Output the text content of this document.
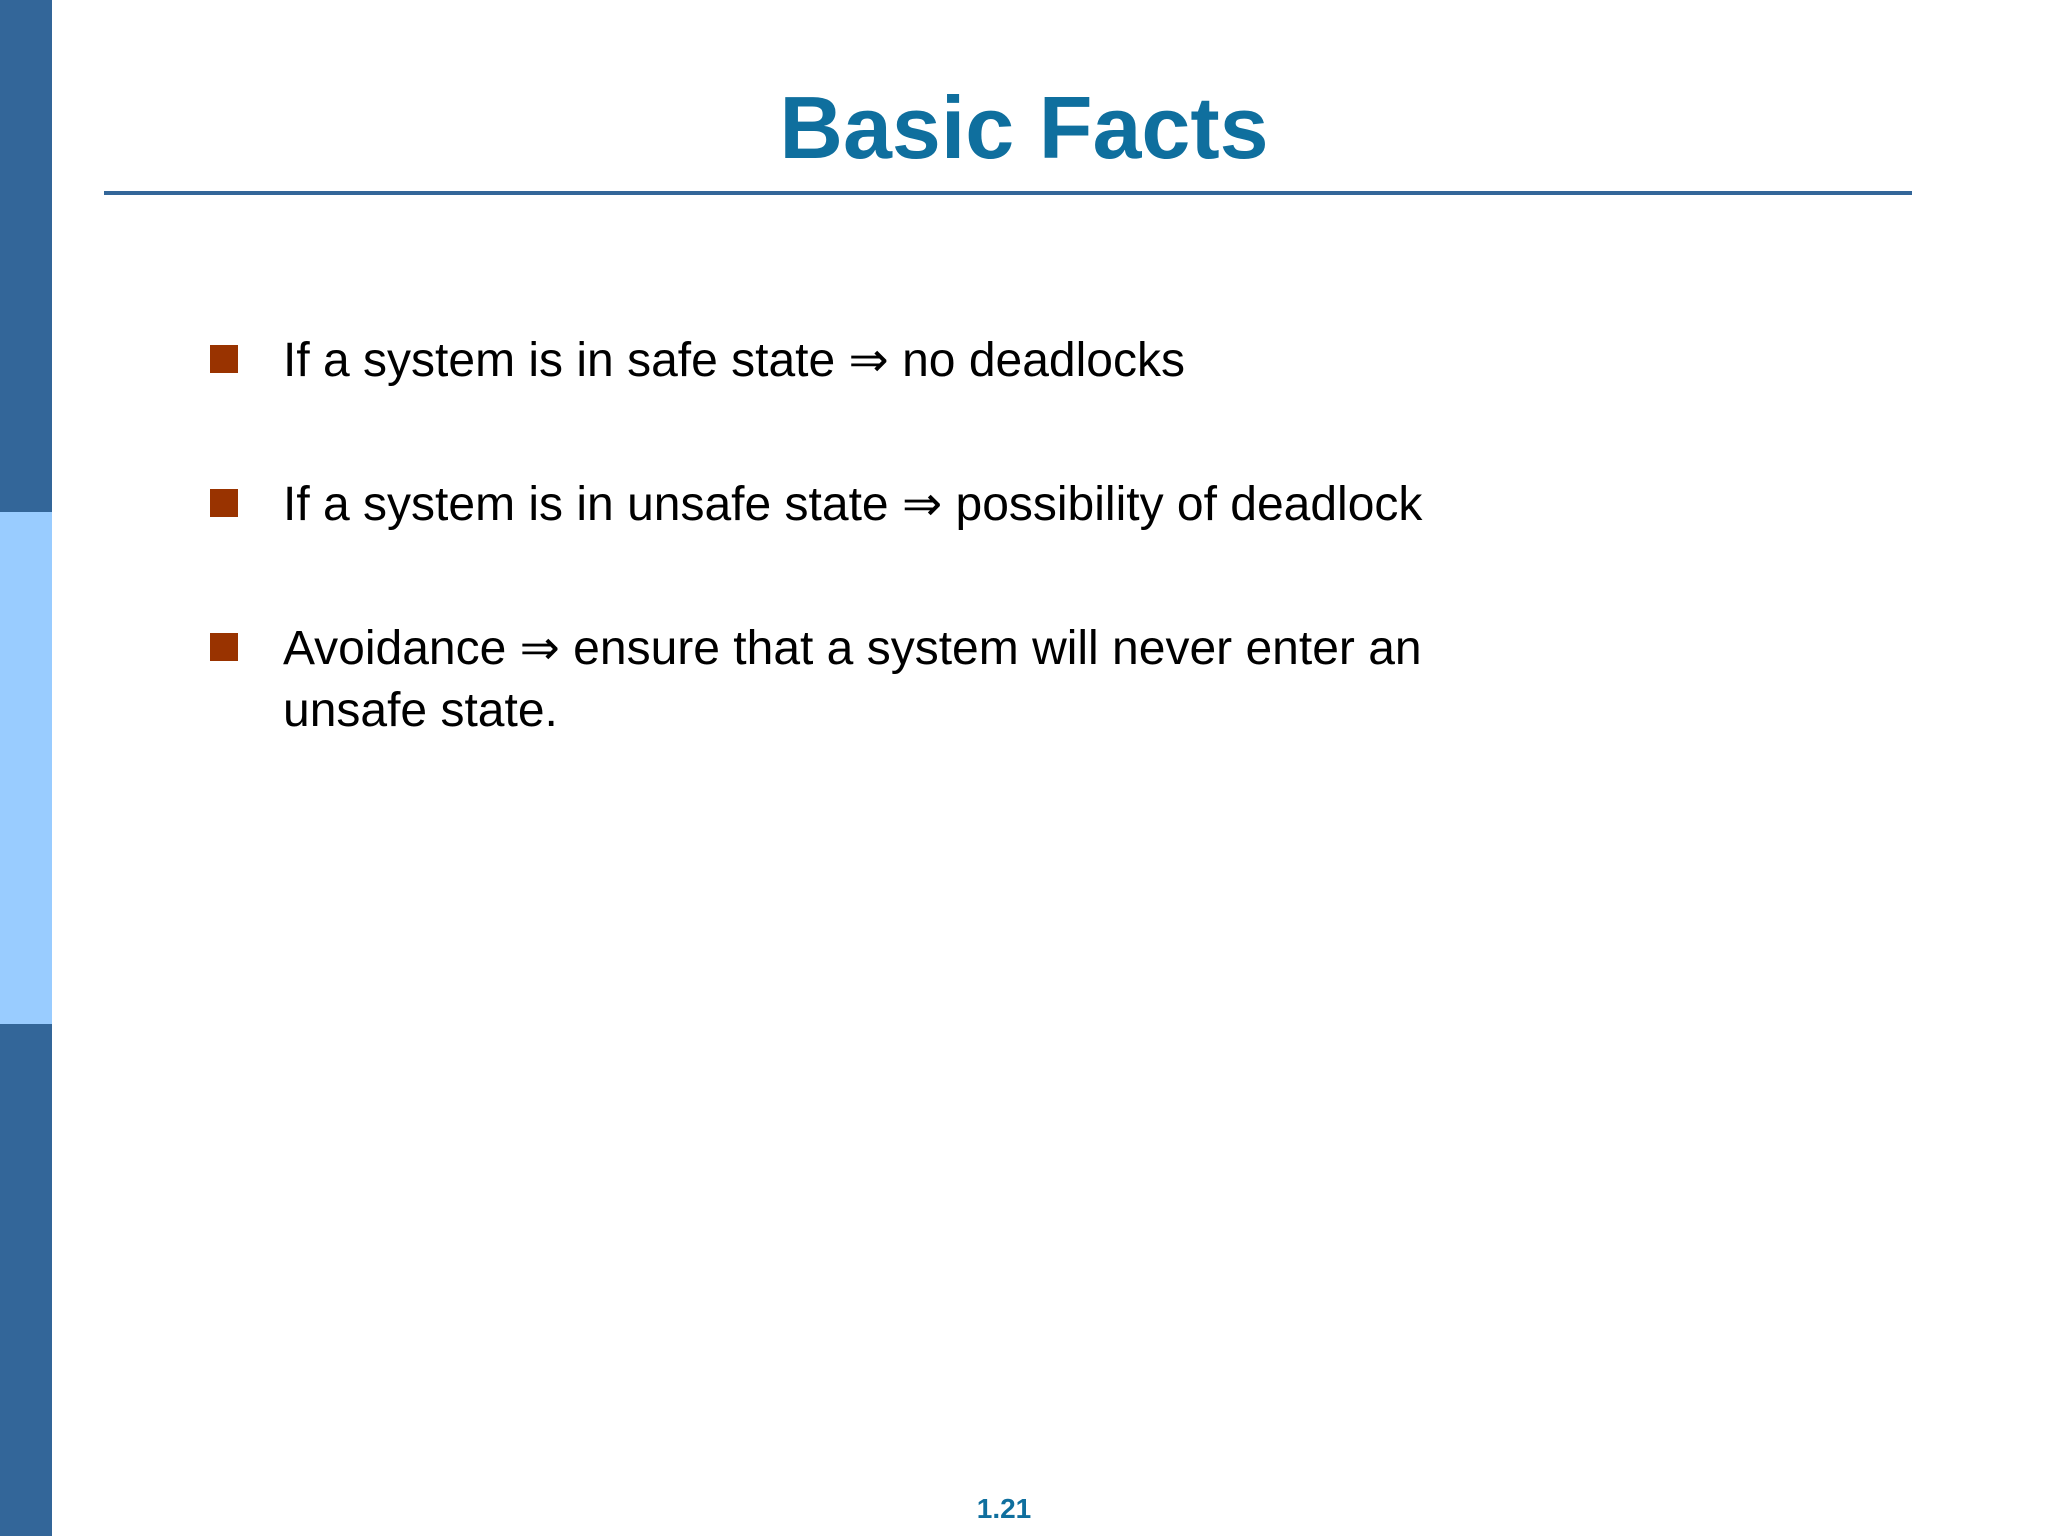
Basic Facts
If a system is in safe state ⇒ no deadlocks
If a system is in unsafe state ⇒ possibility of deadlock
Avoidance ⇒ ensure that a system will never enter an unsafe state.
1.21
